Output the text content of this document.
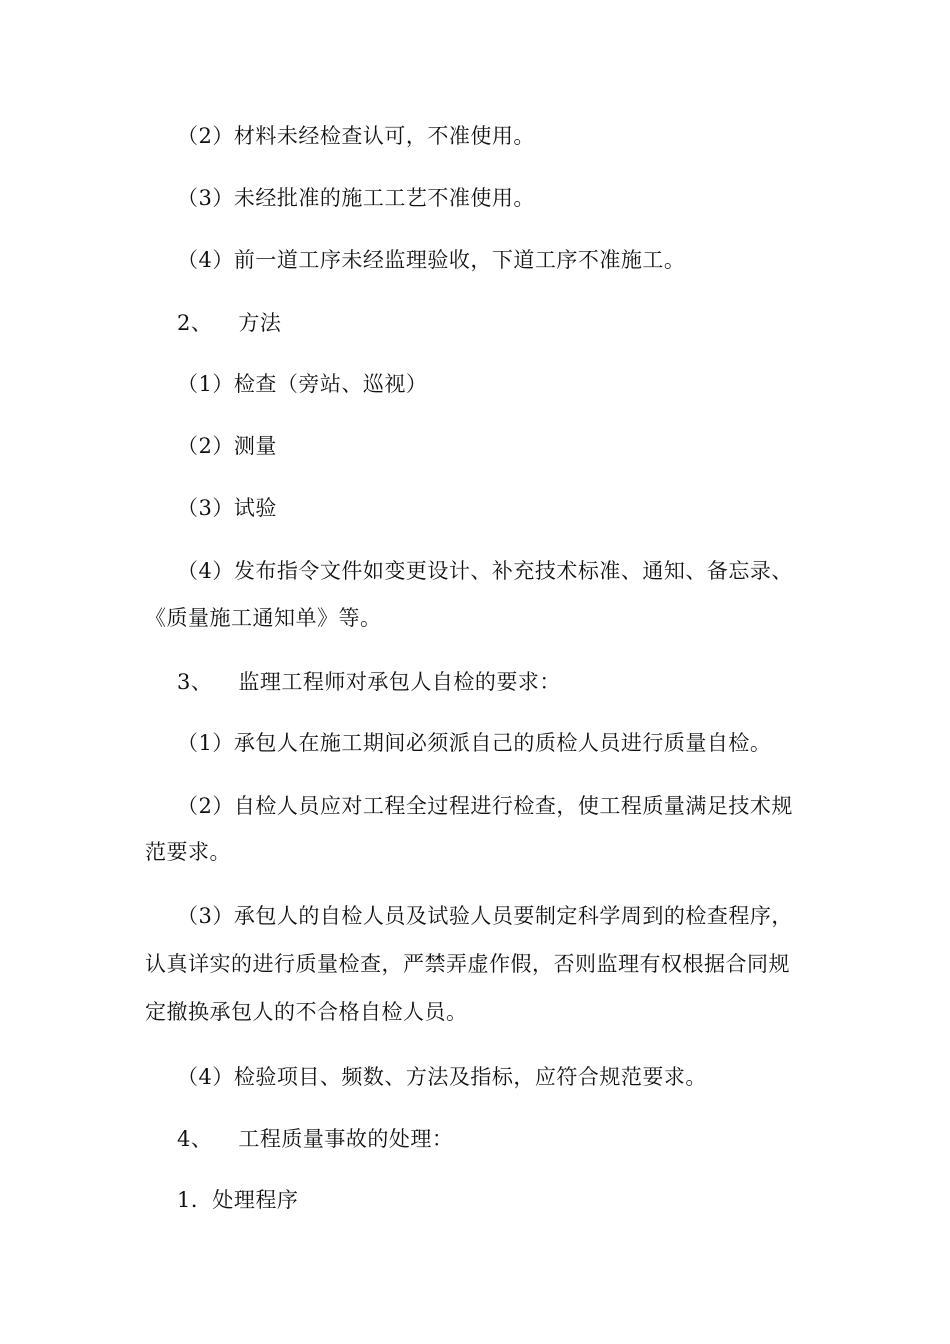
（2）材料未经检查认可，不准使用。
（3）未经批准的施工工艺不准使用。
（4）前一道工序未经监理验收，下道工序不准施工。
2、 方法
（1）检查（旁站、巡视）
（2）测量
（3）试验
（4）发布指令文件如变更设计、补充技术标准、通知、备忘录、
《质量施工通知单》等。
3、 监理工程师对承包人自检的要求：
（1）承包人在施工期间必须派自己的质检人员进行质量自检。
（2）自检人员应对工程全过程进行检查，使工程质量满足技术规
范要求。
（3）承包人的自检人员及试验人员要制定科学周到的检查程序，
认真详实的进行质量检查，严禁弄虚作假，否则监理有权根据合同规
定撤换承包人的不合格自检人员。
（4）检验项目、频数、方法及指标，应符合规范要求。
4、 工程质量事故的处理：
1．处理程序
